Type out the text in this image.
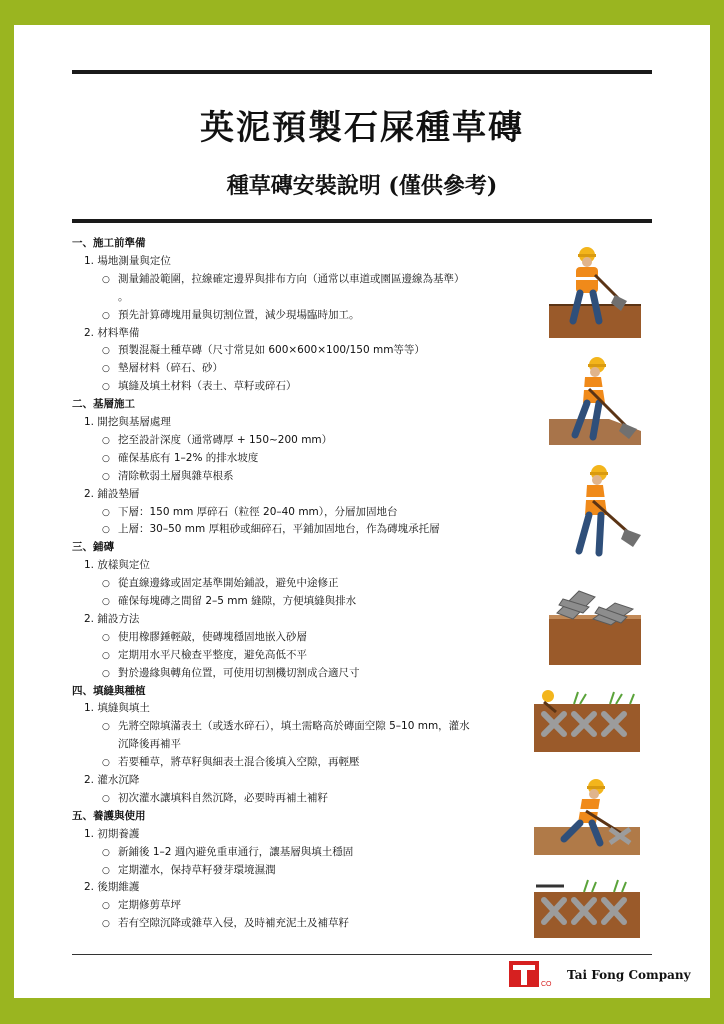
英泥預製石屎種草磚
種草磚安裝說明 (僅供參考)
一、施工前準備
1. 場地測量與定位
○ 測量鋪設範圍，拉線確定邊界與排布方向（通常以車道或園區邊線為基準）
。
○ 預先計算磚塊用量與切割位置，減少現場臨時加工。
2. 材料準備
○ 預製混凝土種草磚（尺寸常見如 600×600×100/150 mm等等）
○ 墊層材料（碎石、砂）
○ 填縫及填土材料（表土、草籽或碎石）
二、基層施工
1. 開挖與基層處理
○ 挖至設計深度（通常磚厚 + 150~200 mm）
○ 確保基底有 1–2% 的排水坡度
○ 清除軟弱土層與雜草根系
2. 鋪設墊層
○ 下層：150 mm 厚碎石（粒徑 20–40 mm），分層加固地台
○ 上層：30–50 mm 厚粗砂或細碎石，平鋪加固地台，作為磚塊承托層
三、鋪磚
1. 放樣與定位
○ 從直線邊緣或固定基準開始鋪設，避免中途修正
○ 確保每塊磚之間留 2–5 mm 縫隙，方便填縫與排水
2. 鋪設方法
○ 使用橡膠錘輕敲，使磚塊穩固地嵌入砂層
○ 定期用水平尺檢查平整度，避免高低不平
○ 對於邊緣與轉角位置，可使用切割機切割成合適尺寸
四、填縫與種植
1. 填縫與填土
○ 先將空隙填滿表土（或透水碎石），填土需略高於磚面空隙 5–10 mm，灌水
沉降後再補平
○ 若要種草，將草籽與細表土混合後填入空隙，再輕壓
2. 灌水沉降
○ 初次灌水讓填料自然沉降，必要時再補土補籽
五、養護與使用
1. 初期養護
○ 新鋪後 1–2 週內避免重車通行，讓基層與填土穩固
○ 定期灌水，保持草籽發芽環境濕潤
2. 後期維護
○ 定期修剪草坪
○ 若有空隙沉降或雜草入侵，及時補充泥土及補草籽
CO
Tai Fong Company
